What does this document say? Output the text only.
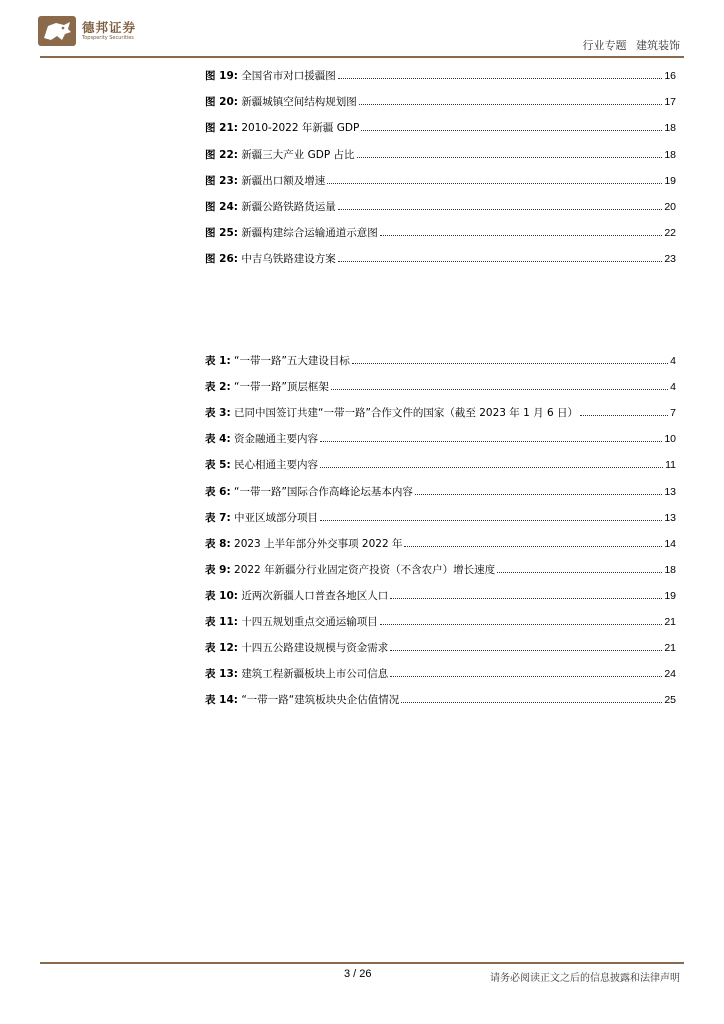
德邦证券
Topsperity Securities
行业专题 建筑装饰
图 19: 全国省市对口援疆图	16
图 20: 新疆城镇空间结构规划图	17
图 21: 2010-2022 年新疆 GDP	18
图 22: 新疆三大产业 GDP 占比	18
图 23: 新疆出口额及增速	19
图 24: 新疆公路铁路货运量	20
图 25: 新疆构建综合运输通道示意图	22
图 26: 中吉乌铁路建设方案	23
表 1: “一带一路”五大建设目标	4
表 2: “一带一路”顶层框架	4
表 3: 已同中国签订共建“一带一路”合作文件的国家（截至 2023 年 1 月 6 日）	7
表 4: 资金融通主要内容	10
表 5: 民心相通主要内容	11
表 6: “一带一路”国际合作高峰论坛基本内容	13
表 7: 中亚区域部分项目	13
表 8: 2023 上半年部分外交事项 2022 年	14
表 9: 2022 年新疆分行业固定资产投资（不含农户）增长速度	18
表 10: 近两次新疆人口普查各地区人口	19
表 11: 十四五规划重点交通运输项目	21
表 12: 十四五公路建设规模与资金需求	21
表 13: 建筑工程新疆板块上市公司信息	24
表 14: “一带一路“建筑板块央企估值情况	25
3 / 26	请务必阅读正文之后的信息披露和法律声明
